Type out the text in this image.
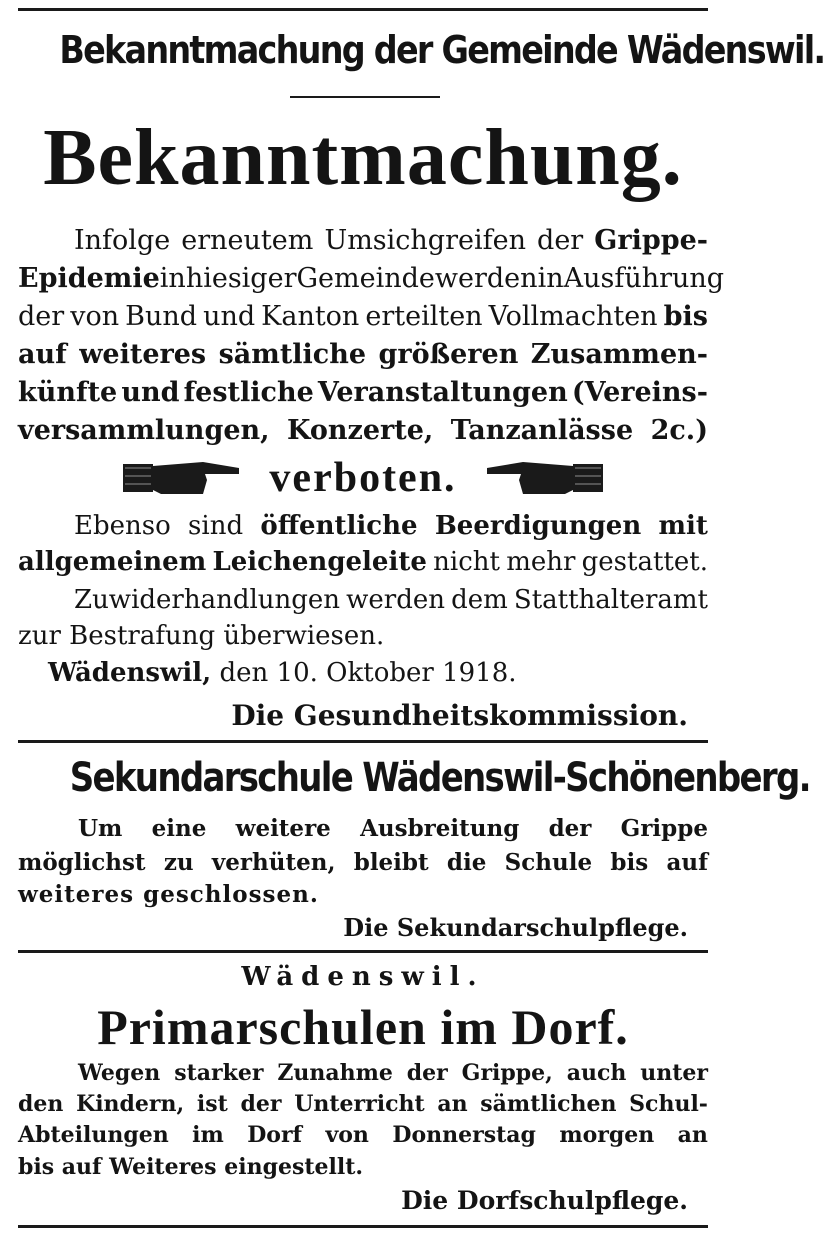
Bekanntmachung der Gemeinde Wädenswil.
Bekanntmachung.
Infolge erneutem Umsichgreifen der Grippe-
Epidemie in hiesiger Gemeinde werden in Ausführung
der von Bund und Kanton erteilten Vollmachten bis
auf weiteres sämtliche größeren Zusammen-
künfte und festliche Veranstaltungen (Vereins-
versammlungen, Konzerte, Tanzanlässe 2c.)
verboten.
Ebenso sind öffentliche Beerdigungen mit
allgemeinem Leichengeleite nicht mehr gestattet.
Zuwiderhandlungen werden dem Statthalteramt
zur Bestrafung überwiesen.
Wädenswil, den 10. Oktober 1918.
Die Gesundheitskommission.
Sekundarschule Wädenswil-Schönenberg.
Um eine weitere Ausbreitung der Grippe
möglichst zu verhüten, bleibt die Schule bis auf
weiteres geschlossen.
Die Sekundarschulpflege.
Wädenswil.
Primarschulen im Dorf.
Wegen starker Zunahme der Grippe, auch unter
den Kindern, ist der Unterricht an sämtlichen Schul-
Abteilungen im Dorf von Donnerstag morgen an
bis auf Weiteres eingestellt.
Die Dorfschulpflege.
